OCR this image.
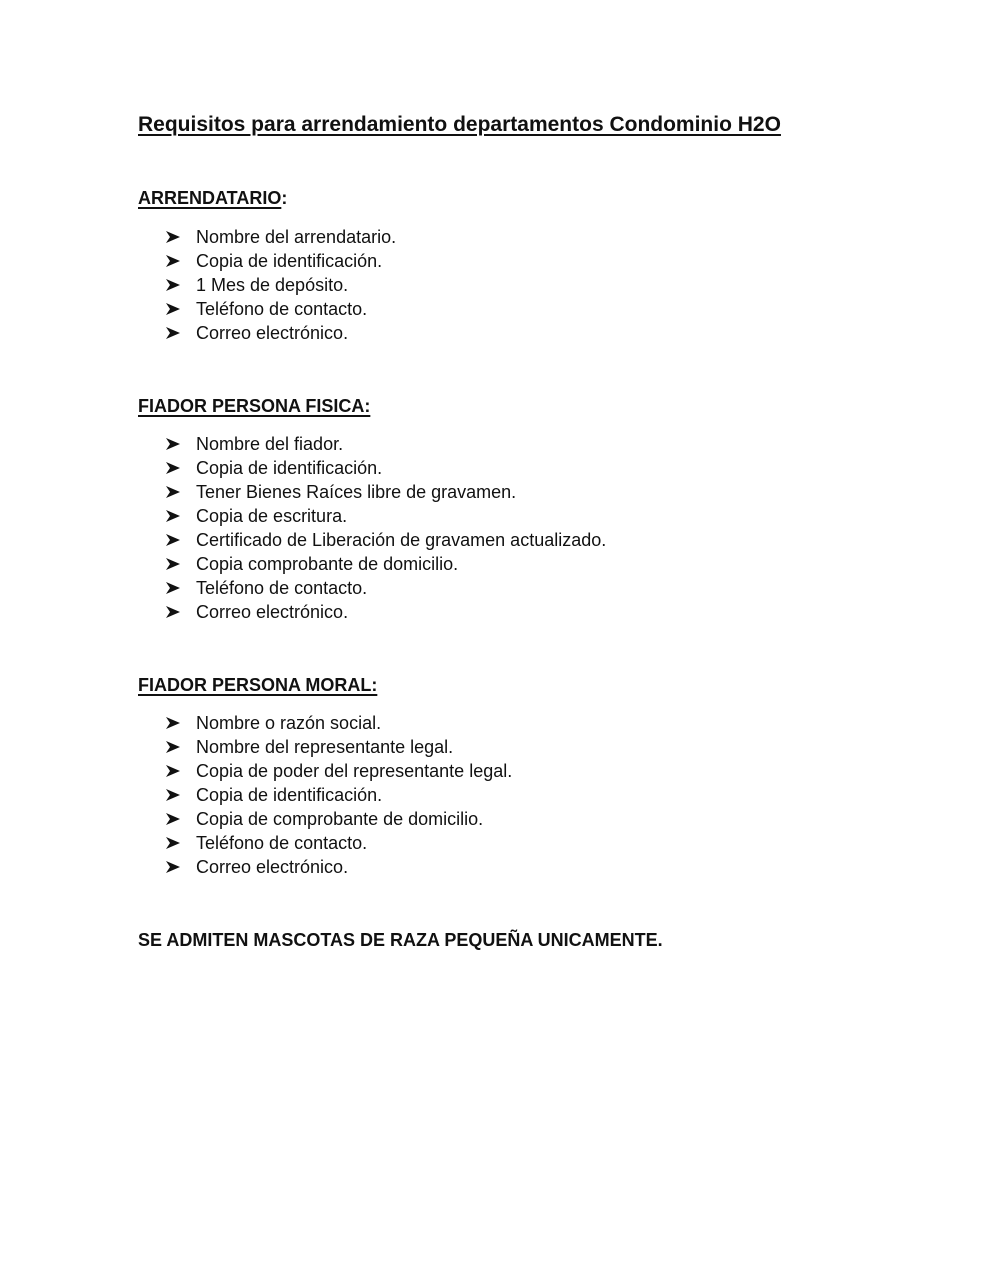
Requisitos para arrendamiento departamentos Condominio H2O
ARRENDATARIO:
Nombre del arrendatario.
Copia de identificación.
1 Mes de depósito.
Teléfono de contacto.
Correo electrónico.
FIADOR PERSONA FISICA:
Nombre del fiador.
Copia de identificación.
Tener Bienes Raíces libre de gravamen.
Copia de escritura.
Certificado de Liberación de gravamen actualizado.
Copia comprobante de domicilio.
Teléfono de contacto.
Correo electrónico.
FIADOR PERSONA MORAL:
Nombre o razón social.
Nombre del representante legal.
Copia de poder del representante legal.
Copia de identificación.
Copia de comprobante de domicilio.
Teléfono de contacto.
Correo electrónico.

SE ADMITEN MASCOTAS DE RAZA PEQUEÑA UNICAMENTE.
